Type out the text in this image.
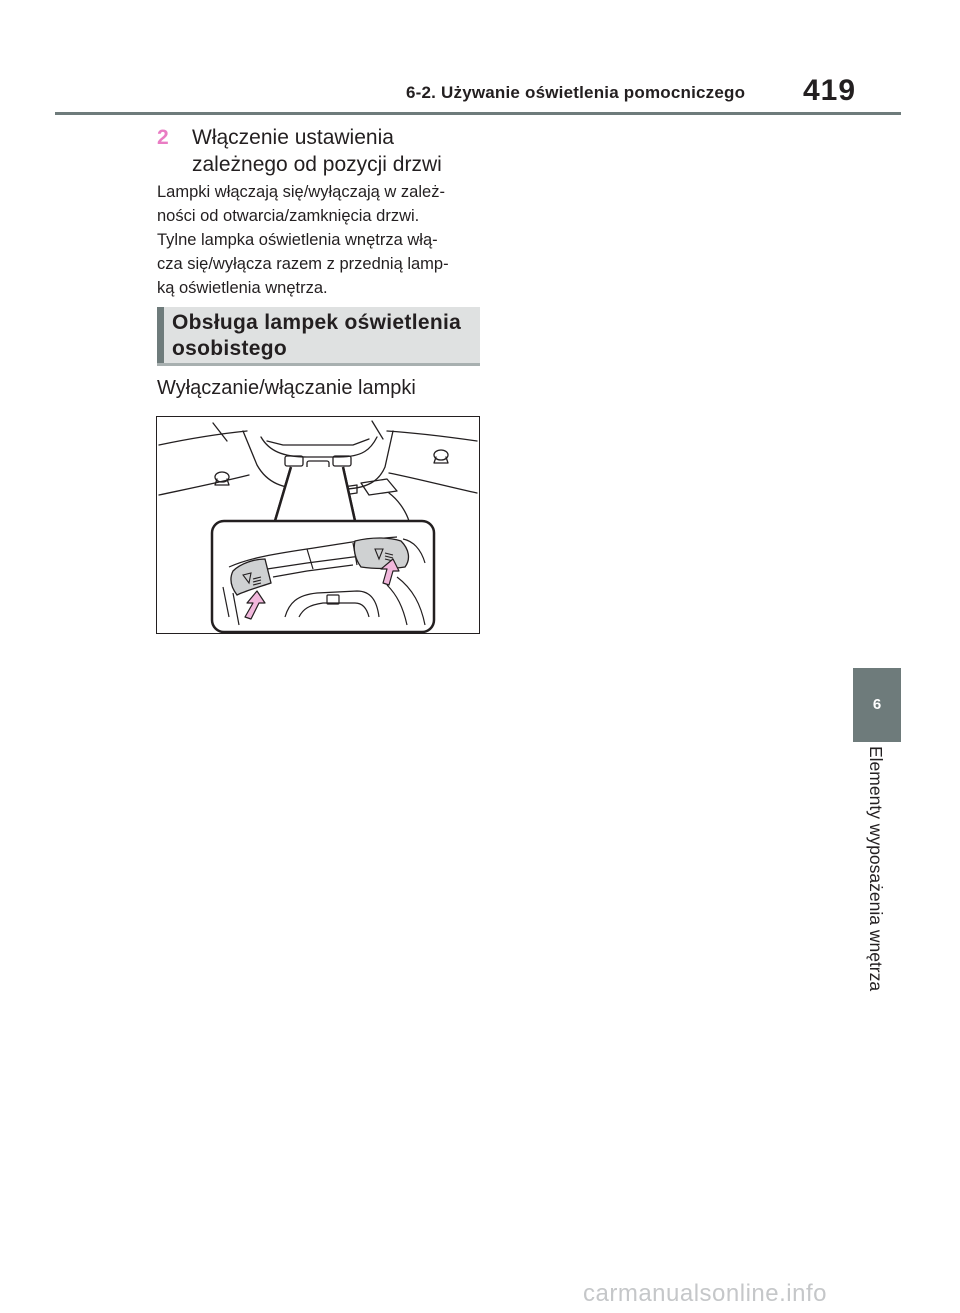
6-2. Używanie oświetlenia pomocniczego 419
2 Włączenie ustawienia zależnego od pozycji drzwi

Lampki włączają się/wyłączają w zależ-

ności od otwarcia/zamknięcia drzwi.

Tylne lampka oświetlenia wnętrza włą-

cza się/wyłącza razem z przednią lamp-

ką oświetlenia wnętrza.

Obsługa lampek oświetlenia osobistego
Wyłączanie/włączanie lampki
6
Elementy wyposażenia wnętrza
carmanualsonline.info
